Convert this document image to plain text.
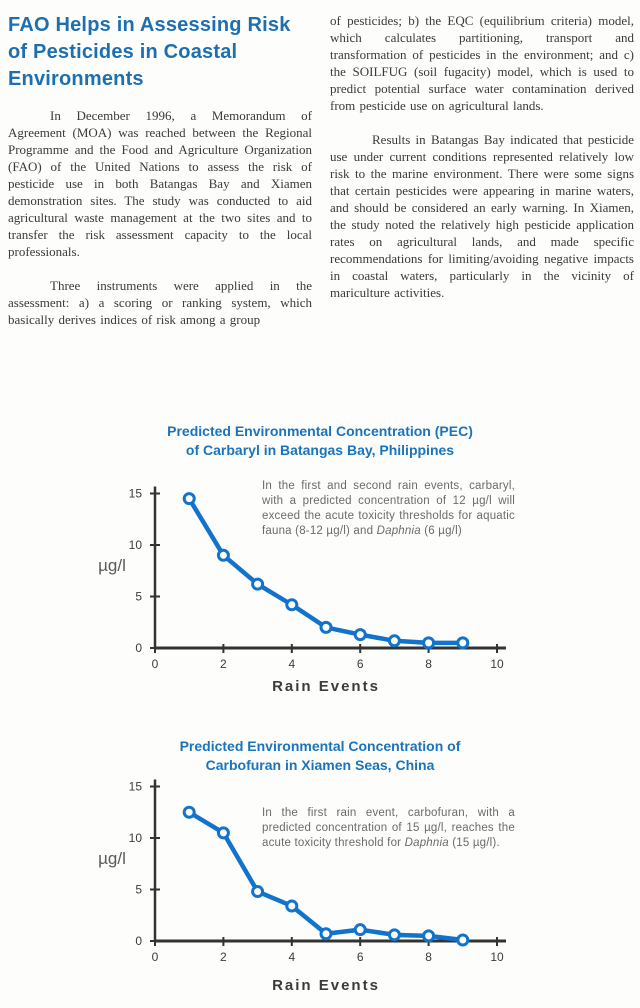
FAO Helps in Assessing Risk
of Pesticides in Coastal
Environments

In December 1996, a Memorandum of Agreement (MOA) was reached between the Regional Programme and the Food and Agriculture Organization (FAO) of the United Nations to assess the risk of pesticide use in both Batangas Bay and Xiamen demonstration sites. The study was conducted to aid agricultural waste management at the two sites and to transfer the risk assessment capacity to the local professionals.

Three instruments were applied in the assessment: a) a scoring or ranking system, which basically derives indices of risk among a group

of pesticides; b) the EQC (equilibrium criteria) model, which calculates partitioning, transport and transformation of pesticides in the environment; and c) the SOILFUG (soil fugacity) model, which is used to predict potential surface water contamination derived from pesticide use on agricultural lands.

Results in Batangas Bay indicated that pesticide use under current conditions represented relatively low risk to the marine environment. There were some signs that certain pesticides were appearing in marine waters, and should be considered an early warning. In Xiamen, the study noted the relatively high pesticide application rates on agricultural lands, and made specific recommendations for limiting/avoiding negative impacts in coastal waters, particularly in the vicinity of mariculture activities.

Predicted Environmental Concentration (PEC)
of Carbaryl in Batangas Bay, Philippines
0	2	4	6	8	10
0
5
10
15
µg/l
Rain Events
In the first and second rain events, carbaryl, with a predicted concentration of 12 µg/l will exceed the acute toxicity thresholds for aquatic fauna (8-12 µg/l) and Daphnia (6 µg/l)
Predicted Environmental Concentration of
Carbofuran in Xiamen Seas, China
0	2	4	6	8	10
0
5
10
15
µg/l
Rain Events
In the first rain event, carbofuran, with a predicted concentration of 15 µg/l, reaches the acute toxicity threshold for Daphnia (15 µg/l).
